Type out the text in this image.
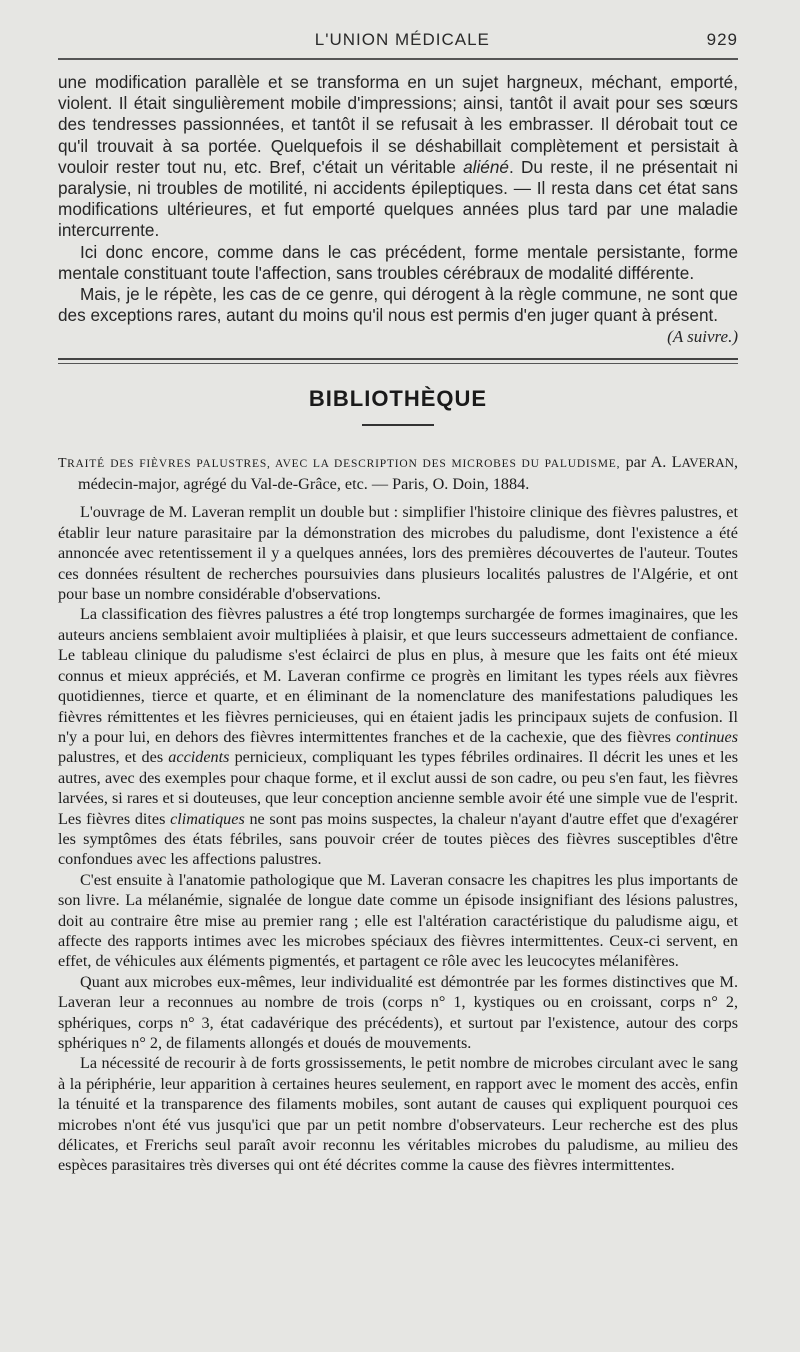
L'UNION MÉDICALE	929

une modification parallèle et se transforma en un sujet hargneux, méchant, emporté, violent. Il était singulièrement mobile d'impressions; ainsi, tantôt il avait pour ses sœurs des tendresses passionnées, et tantôt il se refusait à les embrasser. Il dérobait tout ce qu'il trouvait à sa portée. Quelquefois il se déshabillait complètement et persistait à vouloir rester tout nu, etc. Bref, c'était un véritable aliéné. Du reste, il ne présentait ni paralysie, ni troubles de motilité, ni accidents épileptiques. — Il resta dans cet état sans modifications ultérieures, et fut emporté quelques années plus tard par une maladie intercurrente.

Ici donc encore, comme dans le cas précédent, forme mentale persistante, forme mentale constituant toute l'affection, sans troubles cérébraux de modalité différente.

Mais, je le répète, les cas de ce genre, qui dérogent à la règle commune, ne sont que des exceptions rares, autant du moins qu'il nous est permis d'en juger quant à présent.

(A suivre.)
BIBLIOTHÈQUE

TRAITÉ DES FIÈVRES PALUSTRES, AVEC LA DESCRIPTION DES MICROBES DU PALUDISME, par A. LAVERAN, médecin-major, agrégé du Val-de-Grâce, etc. — Paris, O. Doin, 1884.

L'ouvrage de M. Laveran remplit un double but : simplifier l'histoire clinique des fièvres palustres, et établir leur nature parasitaire par la démonstration des microbes du paludisme, dont l'existence a été annoncée avec retentissement il y a quelques années, lors des premières découvertes de l'auteur. Toutes ces données résultent de recherches poursuivies dans plusieurs localités palustres de l'Algérie, et ont pour base un nombre considérable d'observations.

La classification des fièvres palustres a été trop longtemps surchargée de formes imaginaires, que les auteurs anciens semblaient avoir multipliées à plaisir, et que leurs successeurs admettaient de confiance. Le tableau clinique du paludisme s'est éclairci de plus en plus, à mesure que les faits ont été mieux connus et mieux appréciés, et M. Laveran confirme ce progrès en limitant les types réels aux fièvres quotidiennes, tierce et quarte, et en éliminant de la nomenclature des manifestations paludiques les fièvres rémittentes et les fièvres pernicieuses, qui en étaient jadis les principaux sujets de confusion. Il n'y a pour lui, en dehors des fièvres intermittentes franches et de la cachexie, que des fièvres continues palustres, et des accidents pernicieux, compliquant les types fébriles ordinaires. Il décrit les unes et les autres, avec des exemples pour chaque forme, et il exclut aussi de son cadre, ou peu s'en faut, les fièvres larvées, si rares et si douteuses, que leur conception ancienne semble avoir été une simple vue de l'esprit. Les fièvres dites climatiques ne sont pas moins suspectes, la chaleur n'ayant d'autre effet que d'exagérer les symptômes des états fébriles, sans pouvoir créer de toutes pièces des fièvres susceptibles d'être confondues avec les affections palustres.

C'est ensuite à l'anatomie pathologique que M. Laveran consacre les chapitres les plus importants de son livre. La mélanémie, signalée de longue date comme un épisode insignifiant des lésions palustres, doit au contraire être mise au premier rang ; elle est l'altération caractéristique du paludisme aigu, et affecte des rapports intimes avec les microbes spéciaux des fièvres intermittentes. Ceux-ci servent, en effet, de véhicules aux éléments pigmentés, et partagent ce rôle avec les leucocytes mélanifères.

Quant aux microbes eux-mêmes, leur individualité est démontrée par les formes distinctives que M. Laveran leur a reconnues au nombre de trois (corps n° 1, kystiques ou en croissant, corps n° 2, sphériques, corps n° 3, état cadavérique des précédents), et surtout par l'existence, autour des corps sphériques n° 2, de filaments allongés et doués de mouvements.

La nécessité de recourir à de forts grossissements, le petit nombre de microbes circulant avec le sang à la périphérie, leur apparition à certaines heures seulement, en rapport avec le moment des accès, enfin la ténuité et la transparence des filaments mobiles, sont autant de causes qui expliquent pourquoi ces microbes n'ont été vus jusqu'ici que par un petit nombre d'observateurs. Leur recherche est des plus délicates, et Frerichs seul paraît avoir reconnu les véritables microbes du paludisme, au milieu des espèces parasitaires très diverses qui ont été décrites comme la cause des fièvres intermittentes.
